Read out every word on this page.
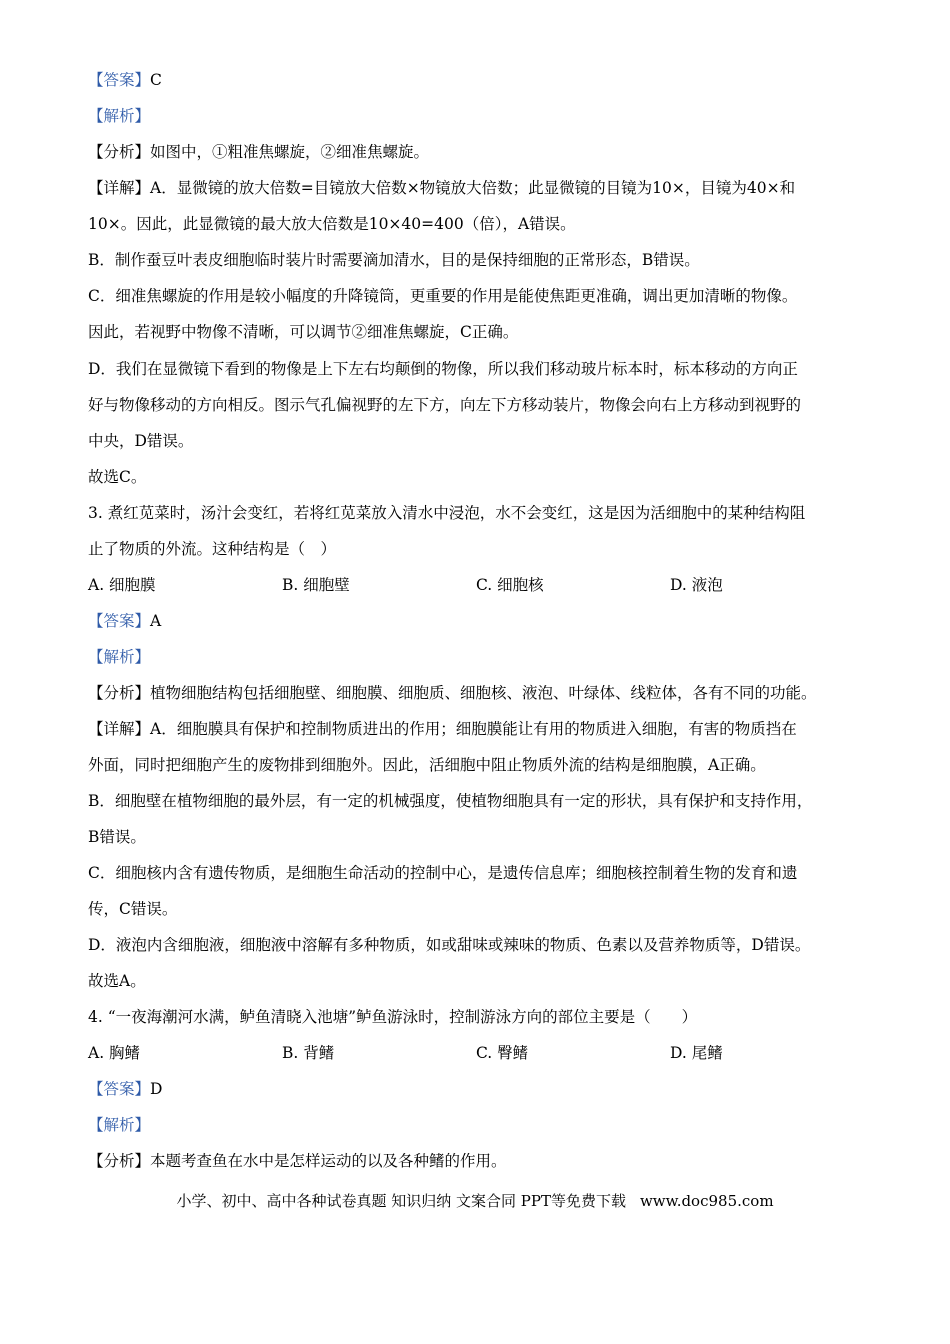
【答案】C

【解析】

【分析】如图中，①粗准焦螺旋，②细准焦螺旋。

【详解】A．显微镜的放大倍数=目镜放大倍数×物镜放大倍数；此显微镜的目镜为10×，目镜为40×和

10×。因此，此显微镜的最大放大倍数是10×40=400（倍），A错误。

B．制作蚕豆叶表皮细胞临时装片时需要滴加清水，目的是保持细胞的正常形态，B错误。

C．细准焦螺旋的作用是较小幅度的升降镜筒，更重要的作用是能使焦距更准确，调出更加清晰的物像。

因此，若视野中物像不清晰，可以调节②细准焦螺旋，C正确。

D．我们在显微镜下看到的物像是上下左右均颠倒的物像，所以我们移动玻片标本时，标本移动的方向正

好与物像移动的方向相反。图示气孔偏视野的左下方，向左下方移动装片，物像会向右上方移动到视野的

中央，D错误。

故选C。

3. 煮红苋菜时，汤汁会变红，若将红苋菜放入清水中浸泡，水不会变红，这是因为活细胞中的某种结构阻

止了物质的外流。这种结构是（　）

A. 细胞膜	B. 细胞壁	C. 细胞核	D. 液泡

【答案】A

【解析】

【分析】植物细胞结构包括细胞壁、细胞膜、细胞质、细胞核、液泡、叶绿体、线粒体，各有不同的功能。

【详解】A．细胞膜具有保护和控制物质进出的作用；细胞膜能让有用的物质进入细胞，有害的物质挡在

外面，同时把细胞产生的废物排到细胞外。因此，活细胞中阻止物质外流的结构是细胞膜，A正确。

B．细胞壁在植物细胞的最外层，有一定的机械强度，使植物细胞具有一定的形状，具有保护和支持作用，

B错误。

C．细胞核内含有遗传物质，是细胞生命活动的控制中心，是遗传信息库；细胞核控制着生物的发育和遗

传，C错误。

D．液泡内含细胞液，细胞液中溶解有多种物质，如或甜味或辣味的物质、色素以及营养物质等，D错误。

故选A。

4. “一夜海潮河水满，鲈鱼清晓入池塘”鲈鱼游泳时，控制游泳方向的部位主要是（　　）

A. 胸鳍	B. 背鳍	C. 臀鳍	D. 尾鳍

【答案】D

【解析】

【分析】本题考查鱼在水中是怎样运动的以及各种鳍的作用。

小学、初中、高中各种试卷真题 知识归纳 文案合同 PPT等免费下载 www.doc985.com
